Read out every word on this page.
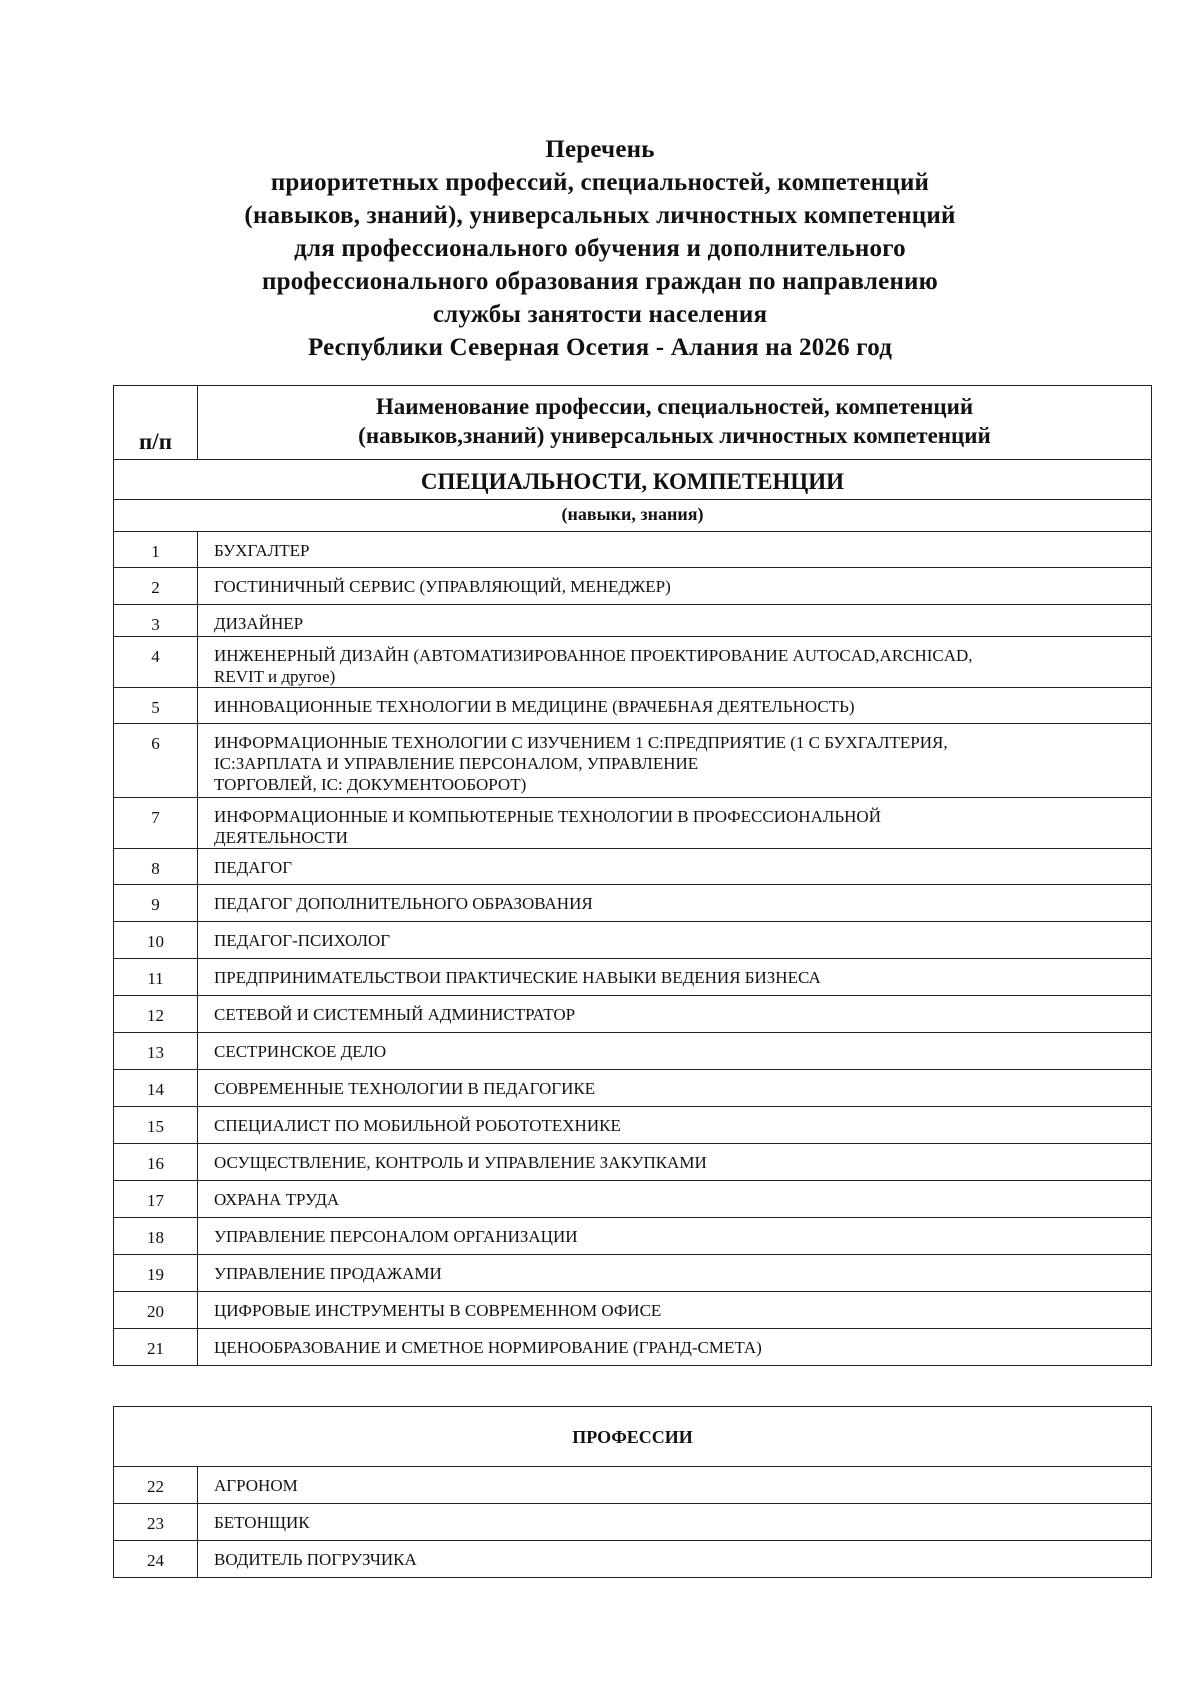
Перечень
приоритетных профессий, специальностей, компетенций
(навыков, знаний), универсальных личностных компетенций
для профессионального обучения и дополнительного
профессионального образования граждан по направлению
службы занятости населения
Республики Северная Осетия - Алания на 2026 год
п/п	Наименование профессии, специальностей, компетенций
(навыков,знаний) универсальных личностных компетенций

СПЕЦИАЛЬНОСТИ, КОМПЕТЕНЦИИ	
(навыки, знания)	
1	БУХГАЛТЕР

2	ГОСТИНИЧНЫЙ СЕРВИС (УПРАВЛЯЮЩИЙ, МЕНЕДЖЕР)

3	ДИЗАЙНЕР

4	ИНЖЕНЕРНЫЙ ДИЗАЙН (АВТОМАТИЗИРОВАННОЕ ПРОЕКТИРОВАНИЕ AUTOCAD,ARCHICAD,
REVIT и другое)

5	ИННОВАЦИОННЫЕ ТЕХНОЛОГИИ В МЕДИЦИНЕ (ВРАЧЕБНАЯ ДЕЯТЕЛЬНОСТЬ)

6	ИНФОРМАЦИОННЫЕ ТЕХНОЛОГИИ С ИЗУЧЕНИЕМ 1 С:ПРЕДПРИЯТИЕ (1 С БУХГАЛТЕРИЯ,
IC:ЗАРПЛАТА И УПРАВЛЕНИЕ ПЕРСОНАЛОМ, УПРАВЛЕНИЕ
ТОРГОВЛЕЙ, IC: ДОКУМЕНТООБОРОТ)

7	ИНФОРМАЦИОННЫЕ И КОМПЬЮТЕРНЫЕ ТЕХНОЛОГИИ В ПРОФЕССИОНАЛЬНОЙ
ДЕЯТЕЛЬНОСТИ

8	ПЕДАГОГ

9	ПЕДАГОГ ДОПОЛНИТЕЛЬНОГО ОБРАЗОВАНИЯ

10	ПЕДАГОГ-ПСИХОЛОГ

11	ПРЕДПРИНИМАТЕЛЬСТВОИ ПРАКТИЧЕСКИЕ НАВЫКИ ВЕДЕНИЯ БИЗНЕСА

12	СЕТЕВОЙ И СИСТЕМНЫЙ АДМИНИСТРАТОР

13	СЕСТРИНСКОЕ ДЕЛО

14	СОВРЕМЕННЫЕ ТЕХНОЛОГИИ В ПЕДАГОГИКЕ

15	СПЕЦИАЛИСТ ПО МОБИЛЬНОЙ РОБОТОТЕХНИКЕ

16	ОСУЩЕСТВЛЕНИЕ, КОНТРОЛЬ И УПРАВЛЕНИЕ ЗАКУПКАМИ

17	ОХРАНА ТРУДА

18	УПРАВЛЕНИЕ ПЕРСОНАЛОМ ОРГАНИЗАЦИИ

19	УПРАВЛЕНИЕ ПРОДАЖАМИ

20	ЦИФРОВЫЕ ИНСТРУМЕНТЫ В СОВРЕМЕННОМ ОФИСЕ

21	ЦЕНООБРАЗОВАНИЕ И СМЕТНОЕ НОРМИРОВАНИЕ (ГРАНД-СМЕТА)
ПРОФЕССИИ	
22	АГРОНОМ

23	БЕТОНЩИК

24	ВОДИТЕЛЬ ПОГРУЗЧИКА
